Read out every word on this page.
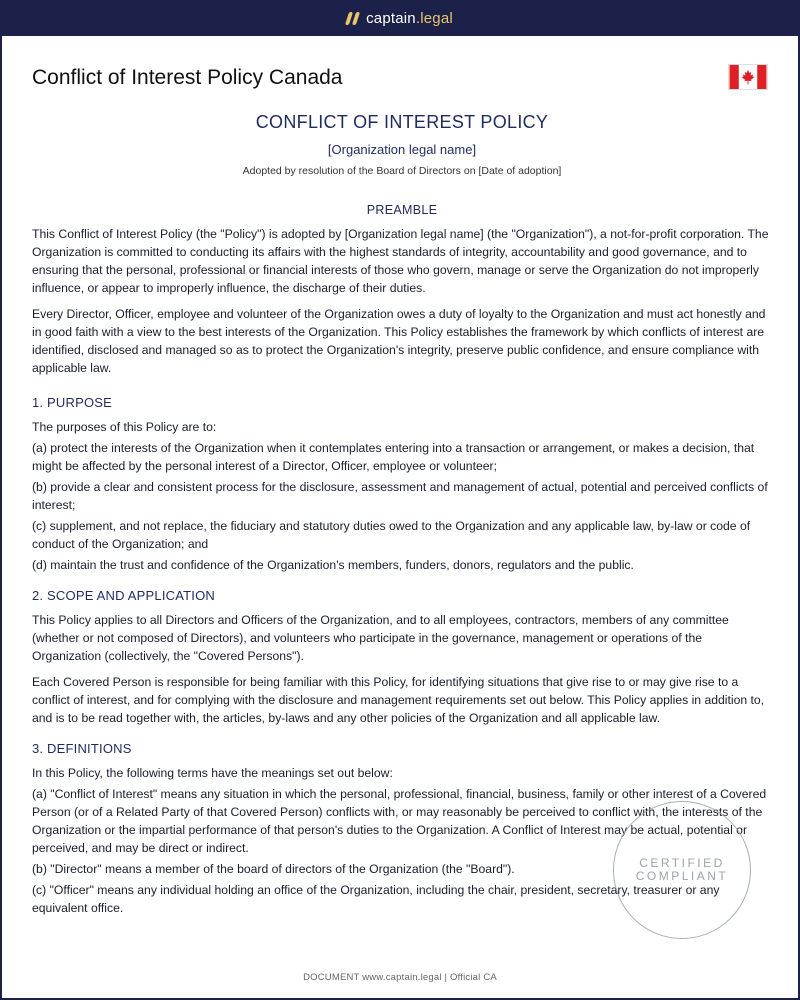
captain.legal
Conflict of Interest Policy Canada
CONFLICT OF INTEREST POLICY
[Organization legal name]
Adopted by resolution of the Board of Directors on [Date of adoption]
PREAMBLE

This Conflict of Interest Policy (the "Policy") is adopted by [Organization legal name] (the "Organization"), a not-for-profit corporation. The Organization is committed to conducting its affairs with the highest standards of integrity, accountability and good governance, and to ensuring that the personal, professional or financial interests of those who govern, manage or serve the Organization do not improperly influence, or appear to improperly influence, the discharge of their duties.

Every Director, Officer, employee and volunteer of the Organization owes a duty of loyalty to the Organization and must act honestly and in good faith with a view to the best interests of the Organization. This Policy establishes the framework by which conflicts of interest are identified, disclosed and managed so as to protect the Organization's integrity, preserve public confidence, and ensure compliance with applicable law.

1. PURPOSE

The purposes of this Policy are to:

(a) protect the interests of the Organization when it contemplates entering into a transaction or arrangement, or makes a decision, that might be affected by the personal interest of a Director, Officer, employee or volunteer;

(b) provide a clear and consistent process for the disclosure, assessment and management of actual, potential and perceived conflicts of interest;

(c) supplement, and not replace, the fiduciary and statutory duties owed to the Organization and any applicable law, by-law or code of conduct of the Organization; and

(d) maintain the trust and confidence of the Organization's members, funders, donors, regulators and the public.

2. SCOPE AND APPLICATION

This Policy applies to all Directors and Officers of the Organization, and to all employees, contractors, members of any committee (whether or not composed of Directors), and volunteers who participate in the governance, management or operations of the Organization (collectively, the "Covered Persons").

Each Covered Person is responsible for being familiar with this Policy, for identifying situations that give rise to or may give rise to a conflict of interest, and for complying with the disclosure and management requirements set out below. This Policy applies in addition to, and is to be read together with, the articles, by-laws and any other policies of the Organization and all applicable law.

3. DEFINITIONS

In this Policy, the following terms have the meanings set out below:

(a) "Conflict of Interest" means any situation in which the personal, professional, financial, business, family or other interest of a Covered Person (or of a Related Party of that Covered Person) conflicts with, or may reasonably be perceived to conflict with, the interests of the Organization or the impartial performance of that person's duties to the Organization. A Conflict of Interest may be actual, potential or perceived, and may be direct or indirect.

(b) "Director" means a member of the board of directors of the Organization (the "Board").

(c) "Officer" means any individual holding an office of the Organization, including the chair, president, secretary, treasurer or any equivalent office.

CERTIFIED
COMPLIANT
DOCUMENT www.captain.legal | Official CA
